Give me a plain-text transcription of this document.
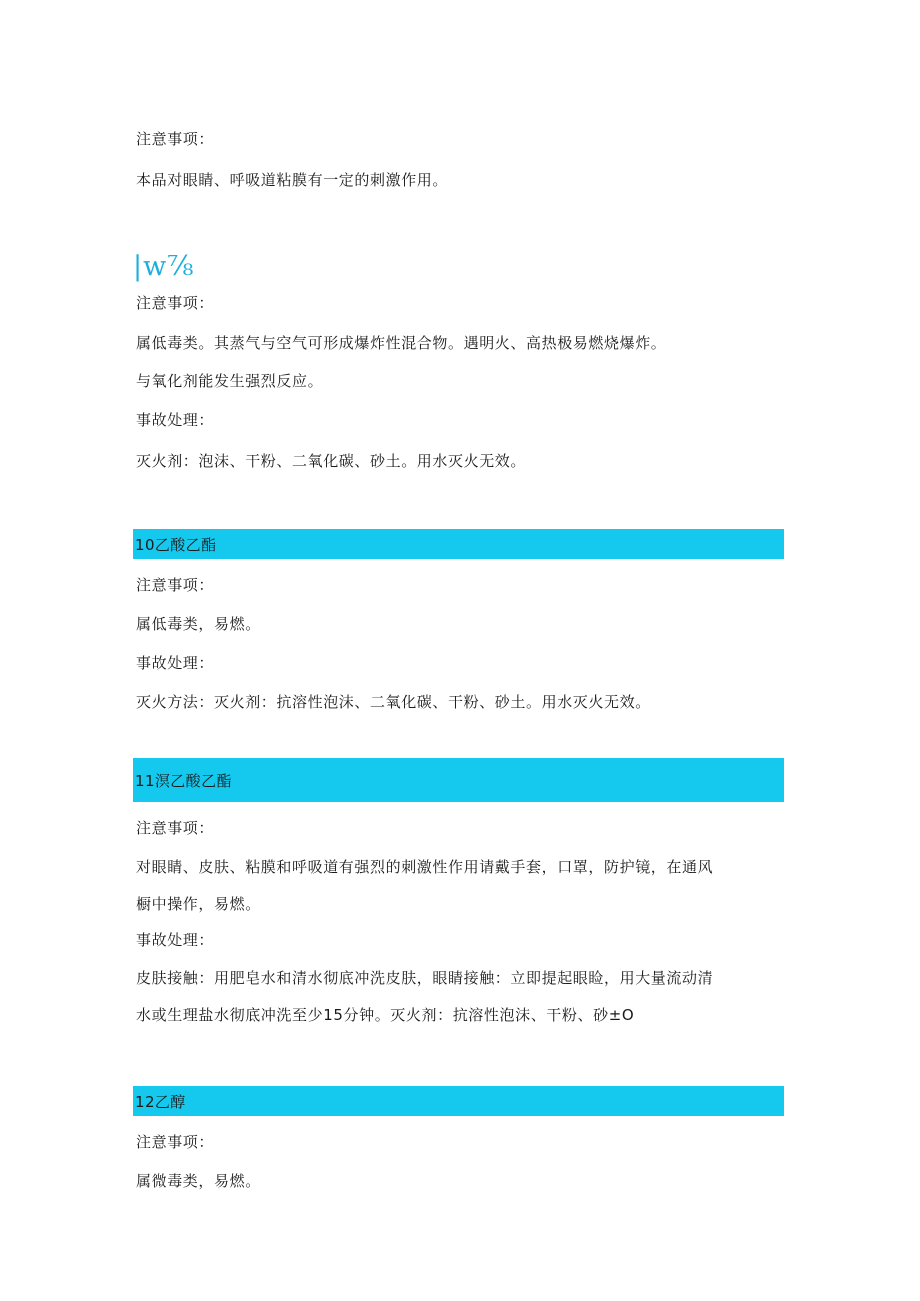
注意事项：
本品对眼睛、呼吸道粘膜有一定的刺激作用。
|w⅞
注意事项：
属低毒类。其蒸气与空气可形成爆炸性混合物。遇明火、高热极易燃烧爆炸。
与氧化剂能发生强烈反应。
事故处理：
灭火剂：泡沫、干粉、二氧化碳、砂土。用水灭火无效。
10乙酸乙酯
注意事项：
属低毒类，易燃。
事故处理：
灭火方法：灭火剂：抗溶性泡沫、二氧化碳、干粉、砂土。用水灭火无效。
11溟乙酸乙酯
注意事项：
对眼睛、皮肤、粘膜和呼吸道有强烈的刺激性作用请戴手套，口罩，防护镜，在通风
橱中操作，易燃。
事故处理：
皮肤接触：用肥皂水和清水彻底冲洗皮肤，眼睛接触：立即提起眼睑，用大量流动清
水或生理盐水彻底冲洗至少15分钟。灭火剂：抗溶性泡沫、干粉、砂±O
12乙醇
注意事项：
属微毒类，易燃。
